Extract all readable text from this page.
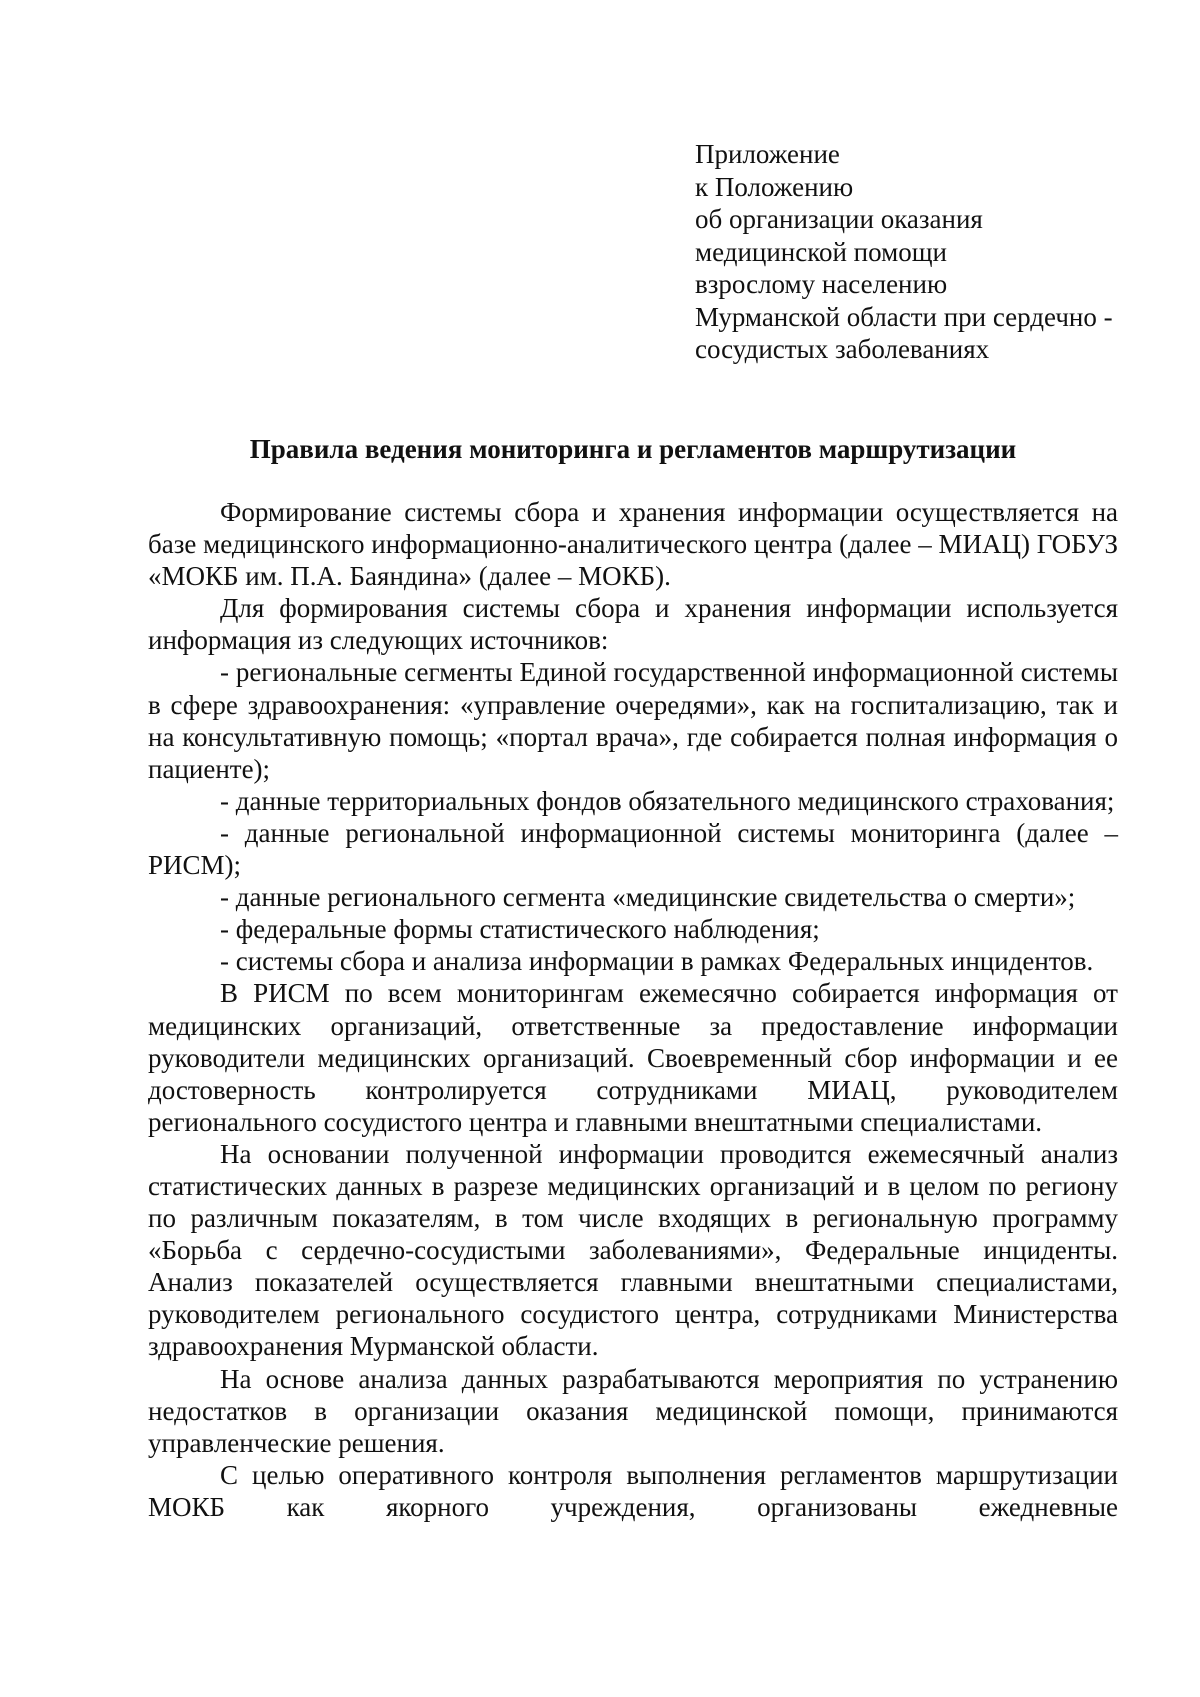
Приложение
к Положению
об организации оказания
медицинской помощи
взрослому населению
Мурманской области при сердечно -
сосудистых заболеваниях
Правила ведения мониторинга и регламентов маршрутизации

Формирование системы сбора и хранения информации осуществляется на базе медицинского информационно-аналитического центра (далее – МИАЦ) ГОБУЗ «МОКБ им. П.А. Баяндина» (далее – МОКБ).

Для формирования системы сбора и хранения информации используется информация из следующих источников:

- региональные сегменты Единой государственной информационной системы в сфере здравоохранения: «управление очередями», как на госпитализацию, так и на консультативную помощь; «портал врача», где собирается полная информация о пациенте);

- данные территориальных фондов обязательного медицинского страхования;

- данные региональной информационной системы мониторинга (далее – РИСМ);

- данные регионального сегмента «медицинские свидетельства о смерти»;

- федеральные формы статистического наблюдения;

- системы сбора и анализа информации в рамках Федеральных инцидентов.

В РИСМ по всем мониторингам ежемесячно собирается информация от медицинских организаций, ответственные за предоставление информации руководители медицинских организаций. Своевременный сбор информации и ее достоверность контролируется сотрудниками МИАЦ, руководителем регионального сосудистого центра и главными внештатными специалистами.

На основании полученной информации проводится ежемесячный анализ статистических данных в разрезе медицинских организаций и в целом по региону по различным показателям, в том числе входящих в региональную программу «Борьба с сердечно-сосудистыми заболеваниями», Федеральные инциденты. Анализ показателей осуществляется главными внештатными специалистами, руководителем регионального сосудистого центра, сотрудниками Министерства здравоохранения Мурманской области.

На основе анализа данных разрабатываются мероприятия по устранению недостатков в организации оказания медицинской помощи, принимаются управленческие решения.

С целью оперативного контроля выполнения регламентов маршрутизации МОКБ как якорного учреждения, организованы ежедневные
